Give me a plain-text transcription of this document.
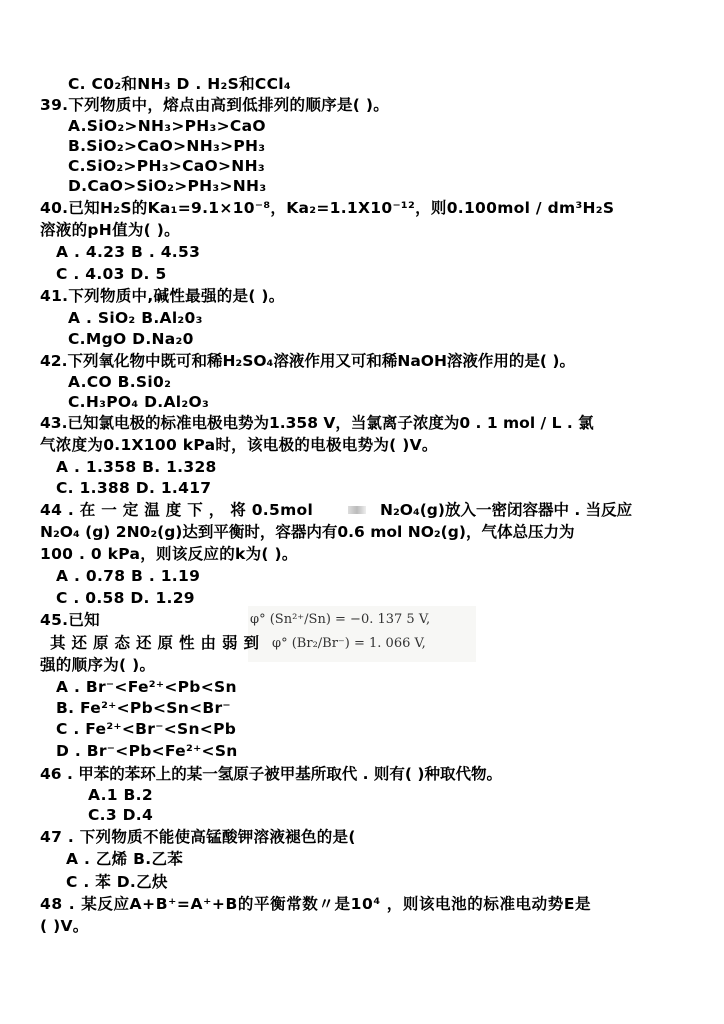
C. C0₂和NH₃ D . H₂S和CCl₄
39.下列物质中，熔点由高到低排列的顺序是( )。
A.SiO₂>NH₃>PH₃>CaO
B.SiO₂>CaO>NH₃>PH₃
C.SiO₂>PH₃>CaO>NH₃
D.CaO>SiO₂>PH₃>NH₃
40.已知H₂S的Ka₁=9.1×10⁻⁸，Ka₂=1.1X10⁻¹²，则0.100mol / dm³H₂S
溶液的pH值为( )。
A . 4.23 B . 4.53
C . 4.03 D. 5
41.下列物质中,碱性最强的是( )。
A . SiO₂ B.Al₂0₃
C.MgO D.Na₂0
42.下列氧化物中既可和稀H₂SO₄溶液作用又可和稀NaOH溶液作用的是( )。
A.CO B.Si0₂
C.H₃PO₄ D.Al₂O₃
43.已知氯电极的标准电极电势为1.358 V，当氯离子浓度为0 . 1 mol / L . 氯
气浓度为0.1X100 kPa时，该电极的电极电势为( )V。
A . 1.358 B. 1.328
C. 1.388 D. 1.417
44 . 在 一 定 温 度 下 ， 将 0.5mol	N₂O₄(g)放入一密闭容器中 . 当反应
N₂O₄ (g) 2N0₂(g)达到平衡时，容器内有0.6 mol NO₂(g)，气体总压力为
100 . 0 kPa，则该反应的k为( )。
A . 0.78 B . 1.19
C . 0.58 D. 1.29
45.已知	φ° (Sn²⁺/Sn) = −0. 137 5 V,
φ° (Br₂/Br⁻) = 1. 066 V,
其 还 原 态 还 原 性 由 弱 到
强的顺序为( )。
A . Br⁻<Fe²⁺<Pb<Sn
B. Fe²⁺<Pb<Sn<Br⁻
C . Fe²⁺<Br⁻<Sn<Pb
D . Br⁻<Pb<Fe²⁺<Sn
46 . 甲苯的苯环上的某一氢原子被甲基所取代 . 则有( )种取代物。
A.1 B.2
C.3 D.4
47 . 下列物质不能使高锰酸钾溶液褪色的是(
A . 乙烯 B.乙苯
C . 苯 D.乙炔
48 . 某反应A+B⁺=A⁺+B的平衡常数〃是10⁴ ，则该电池的标准电动势E是
( )V。
